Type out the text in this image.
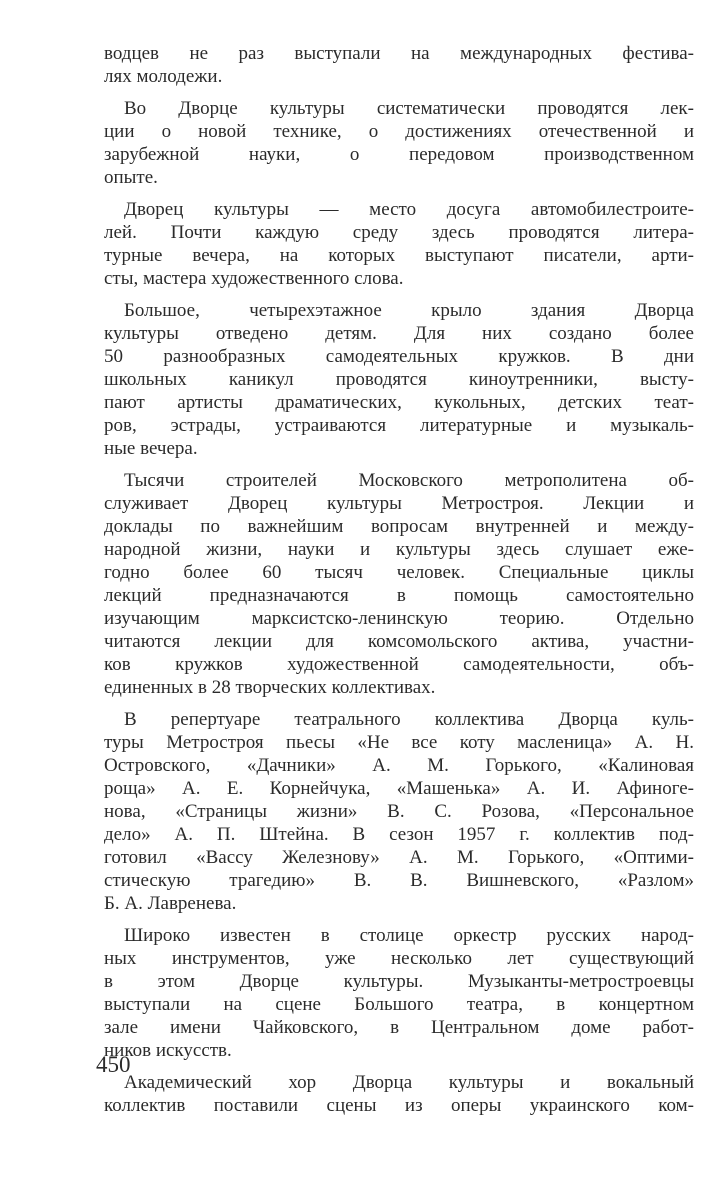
водцев не раз выступали на международных фестива-
лях молодежи.
Во Дворце культуры систематически проводятся лек-
ции о новой технике, о достижениях отечественной и
зарубежной науки, о передовом производственном
опыте.
Дворец культуры — место досуга автомобилестроите-
лей. Почти каждую среду здесь проводятся литера-
турные вечера, на которых выступают писатели, арти-
сты, мастера художественного слова.
Большое, четырехэтажное крыло здания Дворца
культуры отведено детям. Для них создано более
50 разнообразных самодеятельных кружков. В дни
школьных каникул проводятся киноутренники, высту-
пают артисты драматических, кукольных, детских теат-
ров, эстрады, устраиваются литературные и музыкаль-
ные вечера.
Тысячи строителей Московского метрополитена об-
служивает Дворец культуры Метростроя. Лекции и
доклады по важнейшим вопросам внутренней и между-
народной жизни, науки и культуры здесь слушает еже-
годно более 60 тысяч человек. Специальные циклы
лекций предназначаются в помощь самостоятельно
изучающим марксистско-ленинскую теорию. Отдельно
читаются лекции для комсомольского актива, участни-
ков кружков художественной самодеятельности, объ-
единенных в 28 творческих коллективах.
В репертуаре театрального коллектива Дворца куль-
туры Метростроя пьесы «Не все коту масленица» А. Н.
Островского, «Дачники» А. М. Горького, «Калиновая
роща» А. Е. Корнейчука, «Машенька» А. И. Афиноге-
нова, «Страницы жизни» В. С. Розова, «Персональное
дело» А. П. Штейна. В сезон 1957 г. коллектив под-
готовил «Вассу Железнову» А. М. Горького, «Оптими-
стическую трагедию» В. В. Вишневского, «Разлом»
Б. А. Лавренева.
Широко известен в столице оркестр русских народ-
ных инструментов, уже несколько лет существующий
в этом Дворце культуры. Музыканты-метростроевцы
выступали на сцене Большого театра, в концертном
зале имени Чайковского, в Центральном доме работ-
ников искусств.
Академический хор Дворца культуры и вокальный
коллектив поставили сцены из оперы украинского ком-
450
